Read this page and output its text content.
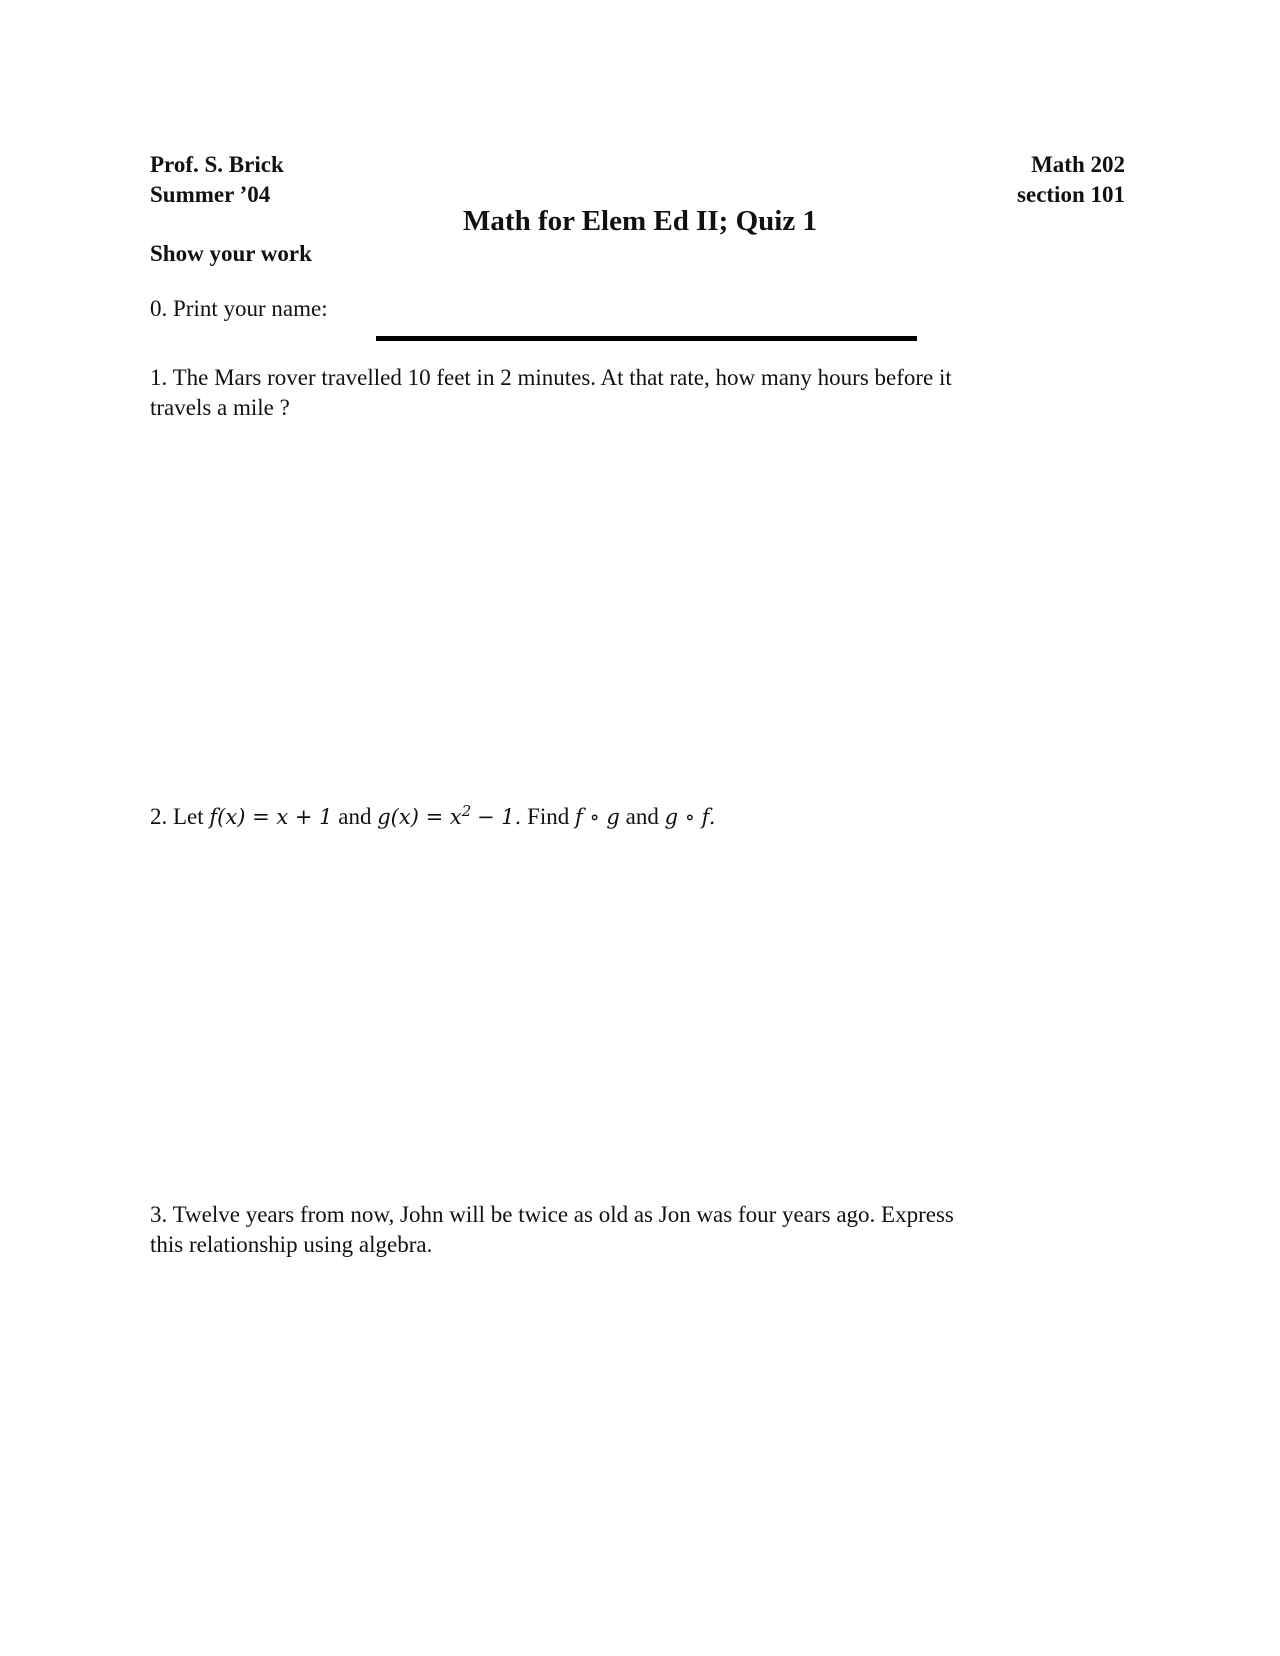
Prof. S. Brick
Summer ’04
Math 202
section 101
Math for Elem Ed II; Quiz 1
Show your work
0. Print your name:
1. The Mars rover travelled 10 feet in 2 minutes. At that rate, how many hours before it
travels a mile ?
2. Let f(x) = x + 1 and $g(x) = x^2 - 1$. Find f ∘ g and g ∘ f.
3. Twelve years from now, John will be twice as old as Jon was four years ago. Express
this relationship using algebra.
